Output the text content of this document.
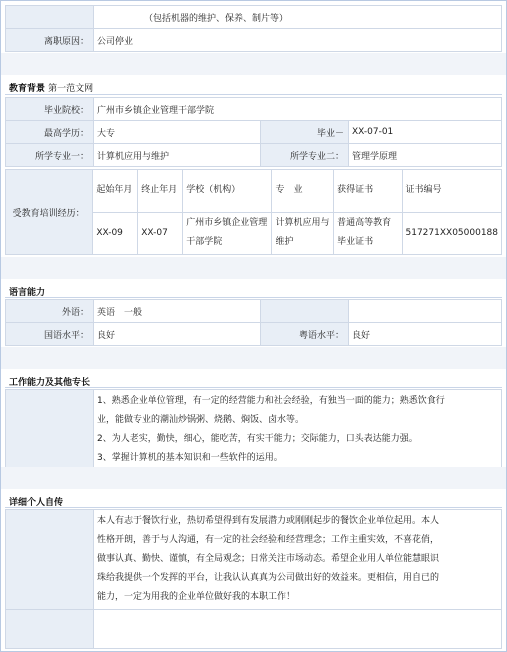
	（包括机器的维护、保养、制片等）
离职原因：	公司停业
教育背景 第一范文网
毕业院校：	广州市乡镇企业管理干部学院		
最高学历：	大专	毕业－	XX-07-01
所学专业一：	计算机应用与维护	所学专业二：	管理学原理
受教育培训经历：	起始年月	终止年月	学校（机构）	专　业	获得证书	证书编号
	XX-09	XX-07	广州市乡镇企业管理干部学院	计算机应用与维护	普通高等教育毕业证书	517271XX05000188
语言能力
外语：	英语　一般		
国语水平：	良好	粤语水平：	良好
工作能力及其他专长

1、熟悉企业单位管理，有一定的经营能力和社会经验，有独当一面的能力；熟悉饮食行
业，能做专业的潮汕炒锅粥、烧鹅、焖饭、卤水等。
2、为人老实，勤快，细心，能吃苦，有实干能力；交际能力，口头表达能力强。
3、掌握计算机的基本知识和一些软件的运用。
详细个人自传

	本人有志于餐饮行业，热切希望得到有发展潜力或刚刚起步的餐饮企业单位起用。本人
性格开朗，善于与人沟通，有一定的社会经验和经营理念；工作主重实效，不喜花俏，
做事认真、勤快、谨慎，有全局观念；日常关注市场动态。希望企业用人单位能慧眼识
珠给我提供一个发挥的平台，让我认认真真为公司做出好的效益来。更相信，用自已的
能力，一定为用我的企业单位做好我的本职工作！
